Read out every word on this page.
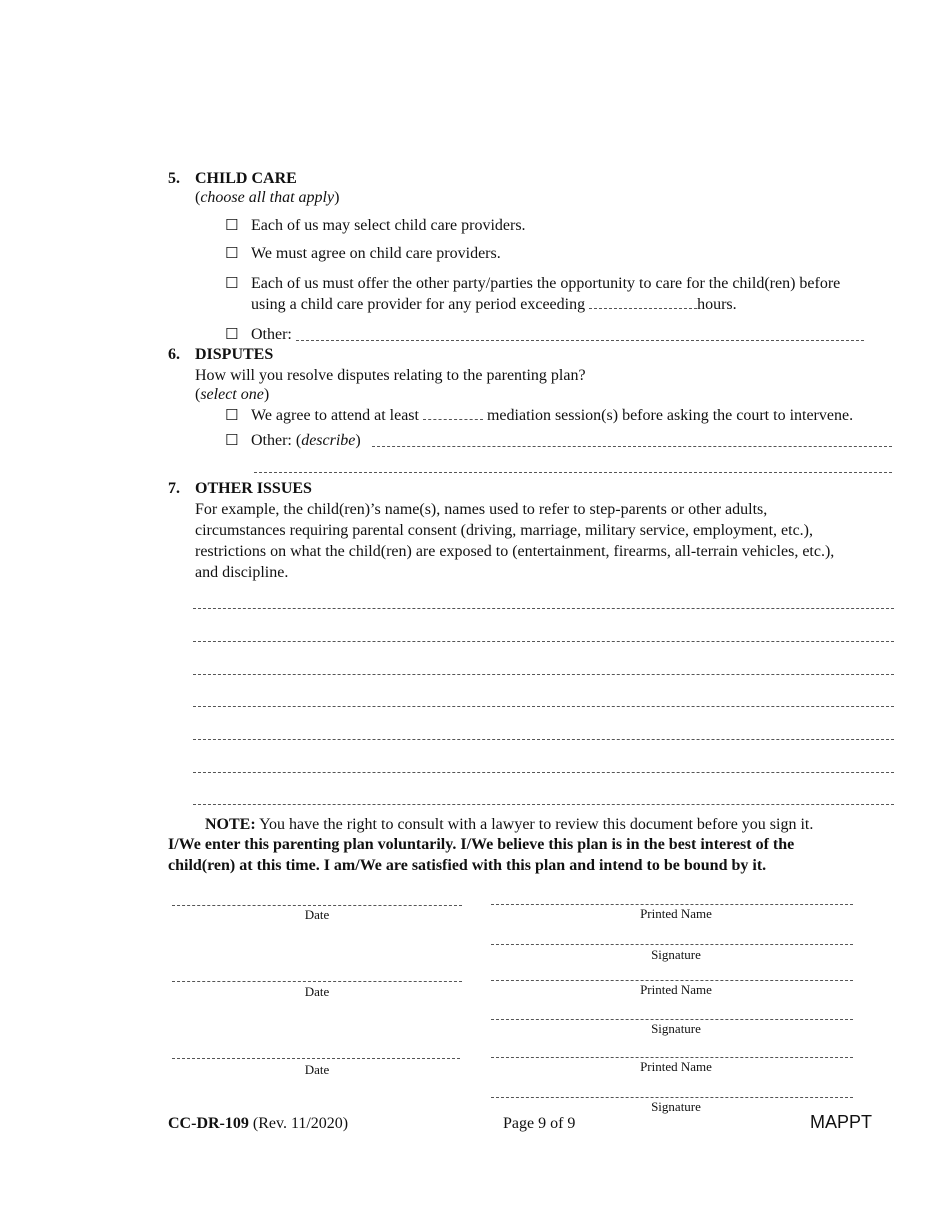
5. CHILD CARE
(choose all that apply)
☐ Each of us may select child care providers.
☐ We must agree on child care providers.
☐ Each of us must offer the other party/parties the opportunity to care for the child(ren) before
using a child care provider for any period exceeding	hours.
☐ Other:
6. DISPUTES
How will you resolve disputes relating to the parenting plan?
(select one)
☐ We agree to attend at least	mediation session(s) before asking the court to intervene.
☐ Other: (describe)
7. OTHER ISSUES
For example, the child(ren)’s name(s), names used to refer to step-parents or other adults,
circumstances requiring parental consent (driving, marriage, military service, employment, etc.),
restrictions on what the child(ren) are exposed to (entertainment, firearms, all-terrain vehicles, etc.),
and discipline.
NOTE: You have the right to consult with a lawyer to review this document before you sign it.
I/We enter this parenting plan voluntarily. I/We believe this plan is in the best interest of the
child(ren) at this time. I am/We are satisfied with this plan and intend to be bound by it.
Date	Printed Name
Signature
Date	Printed Name
Signature
Date	Printed Name
Signature
CC-DR-109 (Rev. 11/2020)	Page 9 of 9	MAPPT
